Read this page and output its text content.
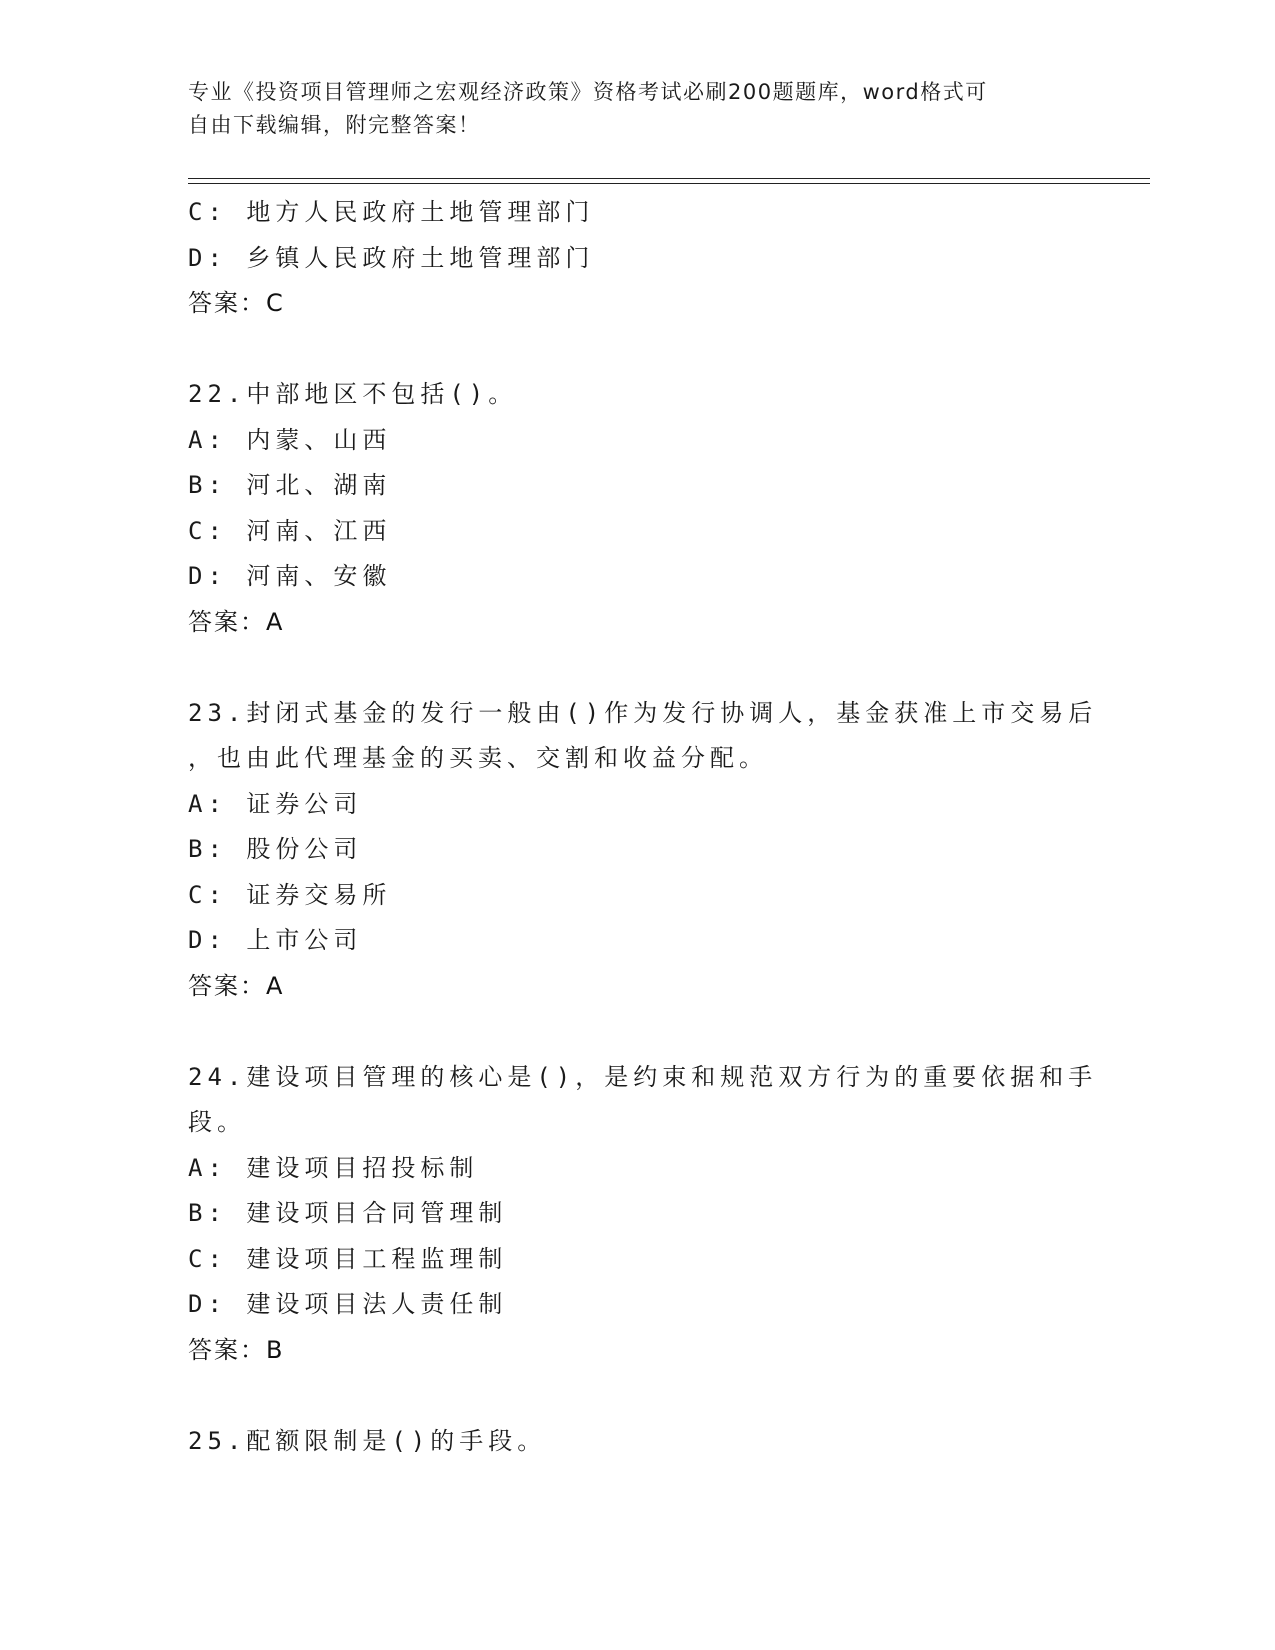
专业《投资项目管理师之宏观经济政策》资格考试必刷200题题库，word格式可
自由下载编辑，附完整答案！
C: 地方人民政府土地管理部门
D: 乡镇人民政府土地管理部门
答案：C
22.中部地区不包括()。
A: 内蒙、山西
B: 河北、湖南
C: 河南、江西
D: 河南、安徽
答案：A
23.封闭式基金的发行一般由()作为发行协调人，基金获准上市交易后
，也由此代理基金的买卖、交割和收益分配。
A: 证券公司
B: 股份公司
C: 证券交易所
D: 上市公司
答案：A
24.建设项目管理的核心是()，是约束和规范双方行为的重要依据和手
段。
A: 建设项目招投标制
B: 建设项目合同管理制
C: 建设项目工程监理制
D: 建设项目法人责任制
答案：B
25.配额限制是()的手段。
